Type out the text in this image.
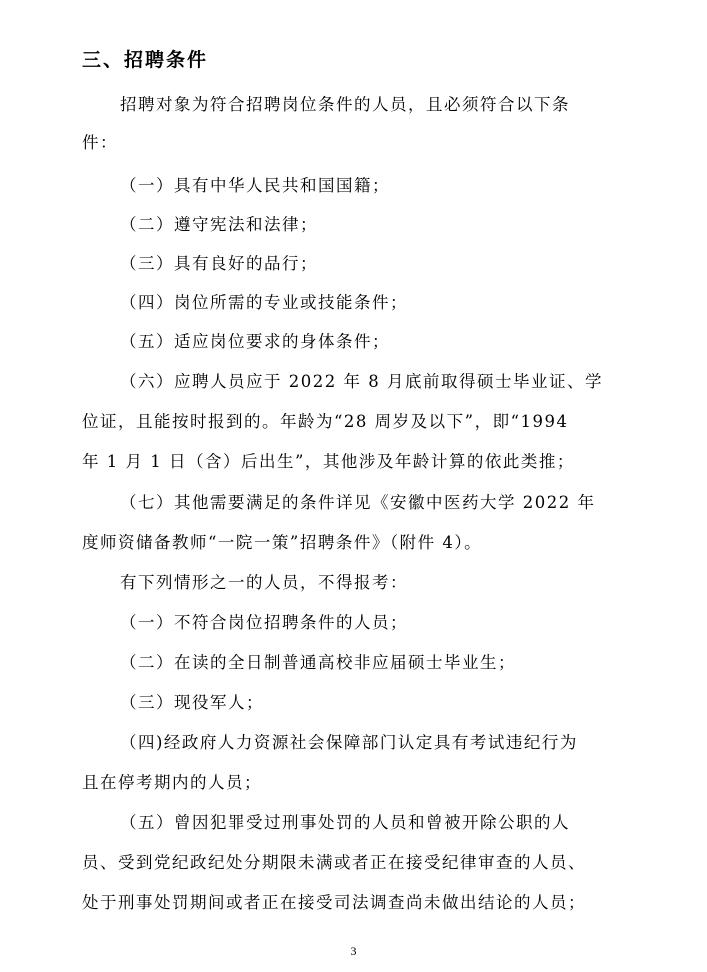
三、招聘条件
招聘对象为符合招聘岗位条件的人员，且必须符合以下条
件：
（一）具有中华人民共和国国籍；
（二）遵守宪法和法律；
（三）具有良好的品行；
（四）岗位所需的专业或技能条件；
（五）适应岗位要求的身体条件；
（六）应聘人员应于 2022 年 8 月底前取得硕士毕业证、学
位证，且能按时报到的。年龄为“28 周岁及以下”，即“1994
年 1 月 1 日（含）后出生”，其他涉及年龄计算的依此类推；
（七）其他需要满足的条件详见《安徽中医药大学 2022 年
度师资储备教师“一院一策”招聘条件》（附件 4）。
有下列情形之一的人员，不得报考：
（一）不符合岗位招聘条件的人员；
（二）在读的全日制普通高校非应届硕士毕业生；
（三）现役军人；
（四)经政府人力资源社会保障部门认定具有考试违纪行为
且在停考期内的人员；
（五）曾因犯罪受过刑事处罚的人员和曾被开除公职的人
员、受到党纪政纪处分期限未满或者正在接受纪律审查的人员、
处于刑事处罚期间或者正在接受司法调查尚未做出结论的人员；
3
